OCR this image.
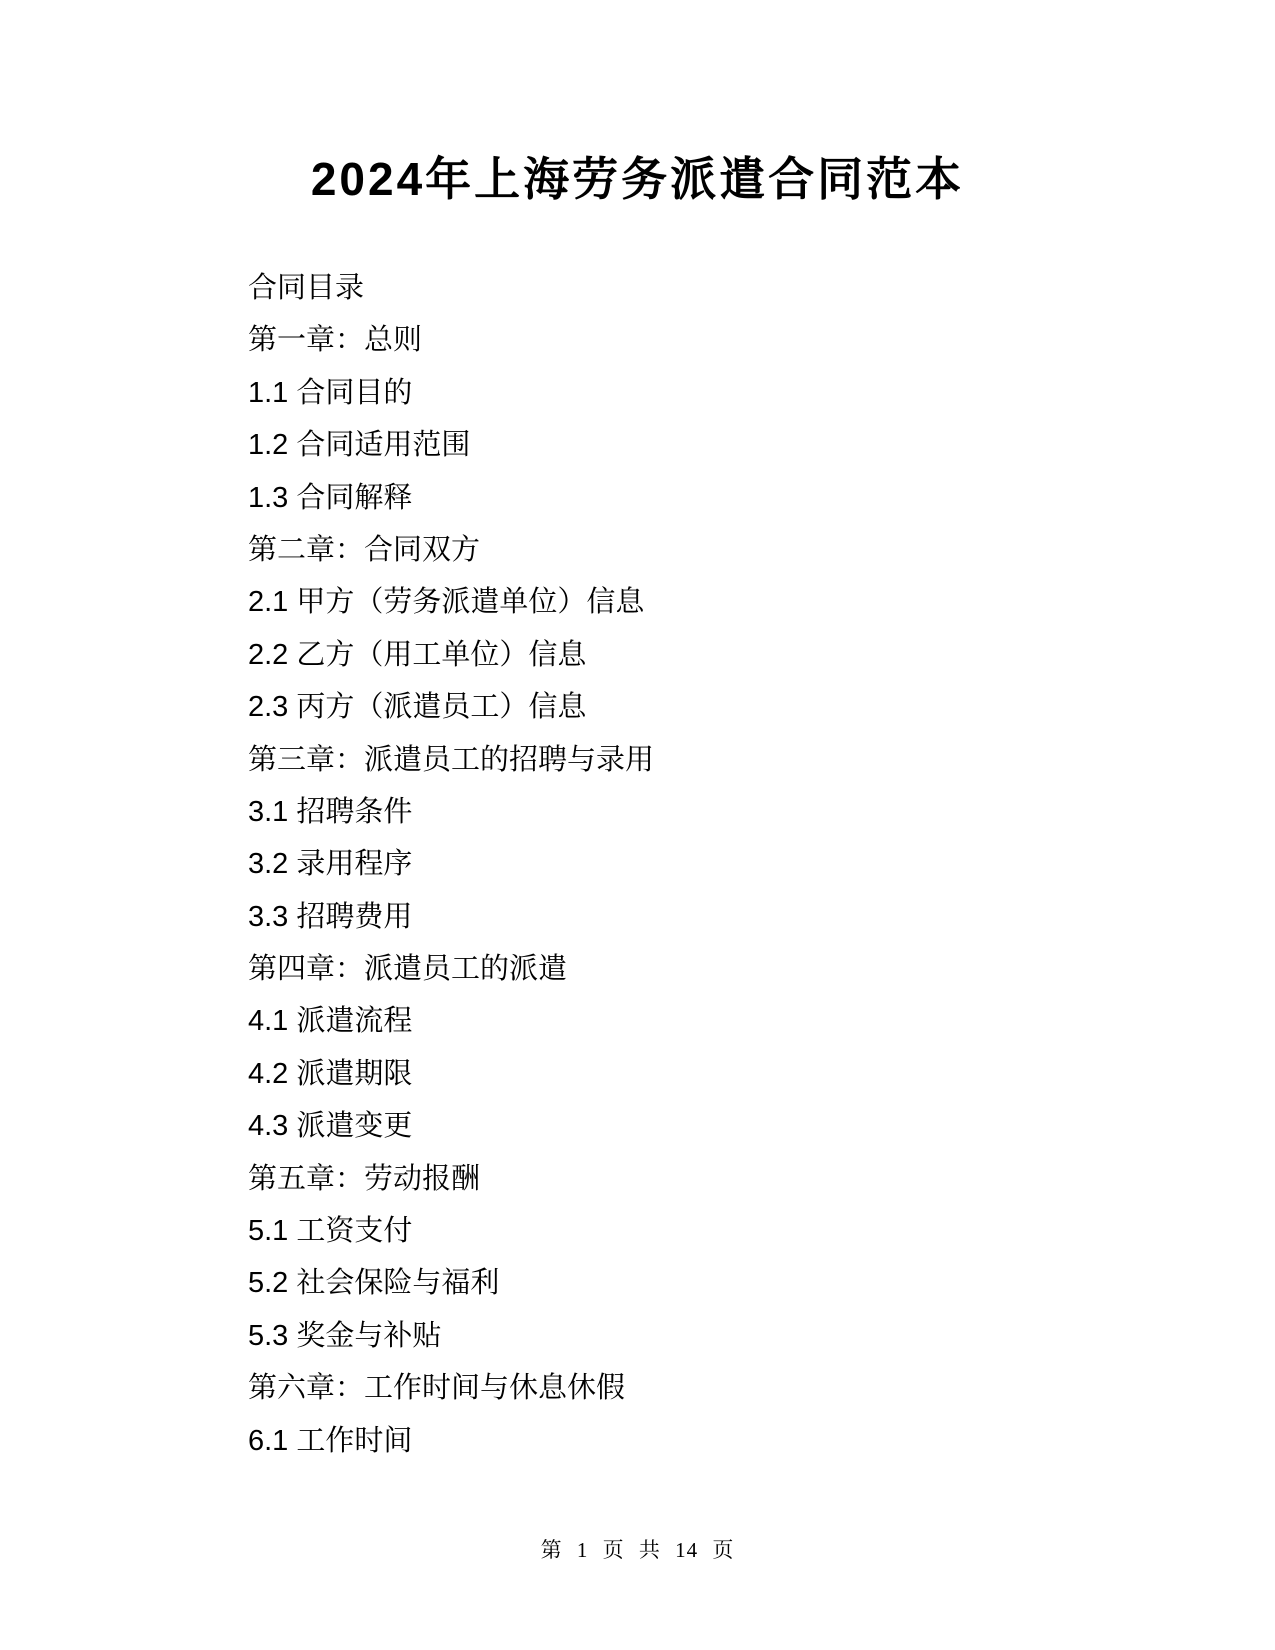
2024年上海劳务派遣合同范本
合同目录
第一章：总则
1.1 合同目的
1.2 合同适用范围
1.3 合同解释
第二章：合同双方
2.1 甲方（劳务派遣单位）信息
2.2 乙方（用工单位）信息
2.3 丙方（派遣员工）信息
第三章：派遣员工的招聘与录用
3.1 招聘条件
3.2 录用程序
3.3 招聘费用
第四章：派遣员工的派遣
4.1 派遣流程
4.2 派遣期限
4.3 派遣变更
第五章：劳动报酬
5.1 工资支付
5.2 社会保险与福利
5.3 奖金与补贴
第六章：工作时间与休息休假
6.1 工作时间
第 1 页 共 14 页
